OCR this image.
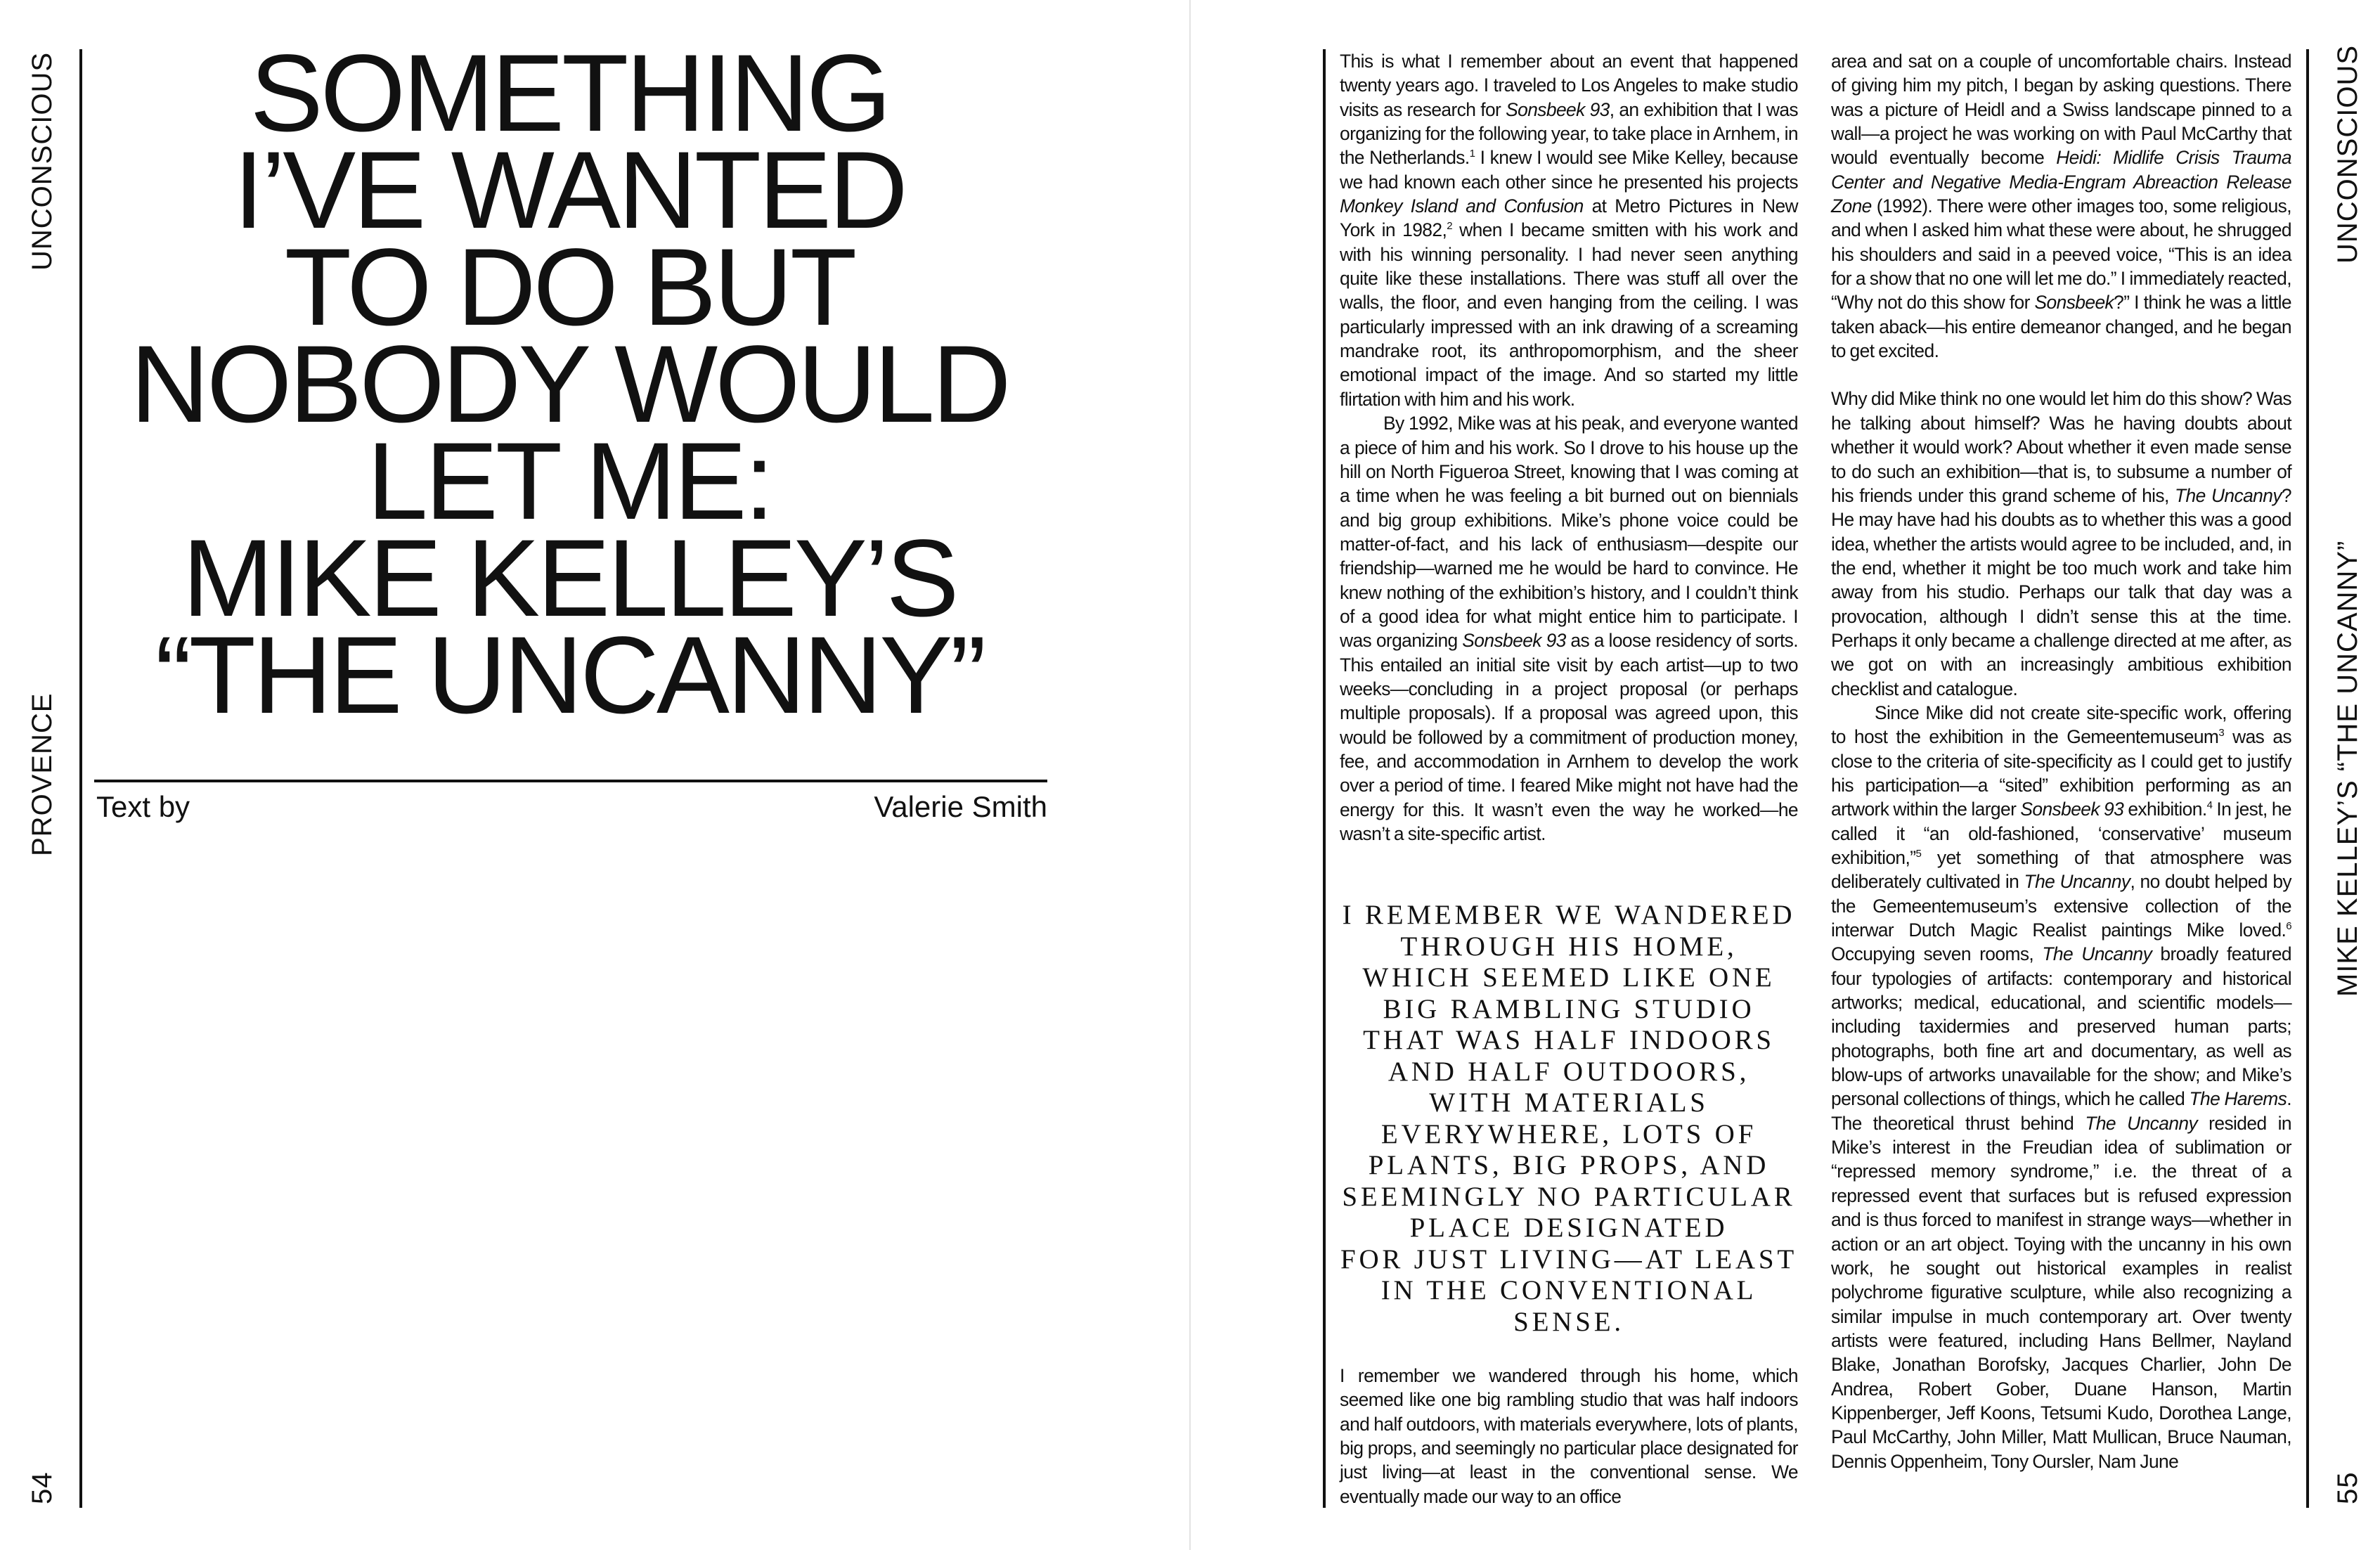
UNCONSCIOUS
PROVENCE
54
SOMETHING
I’VE WANTED
TO DO BUT
NOBODY WOULD
LET ME:
MIKE KELLEY’S
“THE UNCANNY”
Text by	Valerie Smith
UNCONSCIOUS
MIKE KELLEY’S “THE UNCANNY”
55

This is what I remember about an event that happened twenty years ago. I traveled to Los Angeles to make studio visits as research for Sonsbeek 93, an exhibition that I was organizing for the following year, to take place in Arnhem, in the Netherlands.$^1$ I knew I would see Mike Kelley, because we had known each other since he presented his projects Monkey Island and Confusion at Metro Pictures in New York in 1982,$^2$ when I became smitten with his work and with his winning personality. I had never seen anything quite like these installations. There was stuff all over the walls, the floor, and even hanging from the ceiling. I was particularly impressed with an ink drawing of a screaming mandrake root, its anthropomorphism, and the sheer emotional impact of the image. And so started my little flirtation with him and his work.

By 1992, Mike was at his peak, and everyone wanted a piece of him and his work. So I drove to his house up the hill on North Figueroa Street, knowing that I was coming at a time when he was feeling a bit burned out on biennials and big group exhibitions. Mike’s phone voice could be matter-of-fact, and his lack of enthusiasm—despite our friendship—warned me he would be hard to convince. He knew nothing of the exhibition’s history, and I couldn’t think of a good idea for what might entice him to participate. I was organizing Sonsbeek 93 as a loose residency of sorts. This entailed an initial site visit by each artist—up to two weeks—concluding in a project proposal (or perhaps multiple proposals). If a proposal was agreed upon, this would be followed by a commitment of production money, fee, and accommodation in Arnhem to develop the work over a period of time. I feared Mike might not have had the energy for this. It wasn’t even the way he worked—he wasn’t a site-specific artist.

I REMEMBER WE WANDERED
THROUGH HIS HOME,
WHICH SEEMED LIKE ONE
BIG RAMBLING STUDIO
THAT WAS HALF INDOORS
AND HALF OUTDOORS,
WITH MATERIALS
EVERYWHERE, LOTS OF
PLANTS, BIG PROPS, AND
SEEMINGLY NO PARTICULAR
PLACE DESIGNATED
FOR JUST LIVING—AT LEAST
IN THE CONVENTIONAL
SENSE.

I remember we wandered through his home, which seemed like one big rambling studio that was half indoors and half outdoors, with materials everywhere, lots of plants, big props, and seemingly no particular place designated for just living—at least in the conventional sense. We eventually made our way to an office

area and sat on a couple of uncomfortable chairs. Instead of giving him my pitch, I began by asking questions. There was a picture of Heidl and a Swiss landscape pinned to a wall—a project he was working on with Paul McCarthy that would eventually become Heidi: Midlife Crisis Trauma Center and Negative Media-Engram Abreaction Release Zone (1992). There were other images too, some religious, and when I asked him what these were about, he shrugged his shoulders and said in a peeved voice, “This is an idea for a show that no one will let me do.” I immediately reacted, “Why not do this show for Sonsbeek?” I think he was a little taken aback—his entire demeanor changed, and he began to get excited.

Why did Mike think no one would let him do this show? Was he talking about himself? Was he having doubts about whether it would work? About whether it even made sense to do such an exhibition—that is, to subsume a number of his friends under this grand scheme of his, The Uncanny? He may have had his doubts as to whether this was a good idea, whether the artists would agree to be included, and, in the end, whether it might be too much work and take him away from his studio. Perhaps our talk that day was a provocation, although I didn’t sense this at the time. Perhaps it only became a challenge directed at me after, as we got on with an increasingly ambitious exhibition checklist and catalogue.

Since Mike did not create site-specific work, offering to host the exhibition in the Gemeentemuseum$^3$ was as close to the criteria of site-specificity as I could get to justify his participation—a “sited” exhibition performing as an artwork within the larger Sonsbeek 93 exhibition.$^4$ In jest, he called it “an old-fashioned, ‘conservative’ museum exhibition,”$^5$ yet something of that atmosphere was deliberately cultivated in The Uncanny, no doubt helped by the Gemeentemuseum’s extensive collection of the interwar Dutch Magic Realist paintings Mike loved.$^6$ Occupying seven rooms, The Uncanny broadly featured four typologies of artifacts: contemporary and historical artworks; medical, educational, and scientific models—including taxidermies and preserved human parts; photographs, both fine art and documentary, as well as blow-ups of artworks unavailable for the show; and Mike’s personal collections of things, which he called The Harems. The theoretical thrust behind The Uncanny resided in Mike’s interest in the Freudian idea of sublimation or “repressed memory syndrome,” i.e. the threat of a repressed event that surfaces but is refused expression and is thus forced to manifest in strange ways—whether in action or an art object. Toying with the uncanny in his own work, he sought out historical examples in realist polychrome figurative sculpture, while also recognizing a similar impulse in much contemporary art. Over twenty artists were featured, including Hans Bellmer, Nayland Blake, Jonathan Borofsky, Jacques Charlier, John De Andrea, Robert Gober, Duane Hanson, Martin Kippenberger, Jeff Koons, Tetsumi Kudo, Dorothea Lange, Paul McCarthy, John Miller, Matt Mullican, Bruce Nauman, Dennis Oppenheim, Tony Oursler, Nam June
